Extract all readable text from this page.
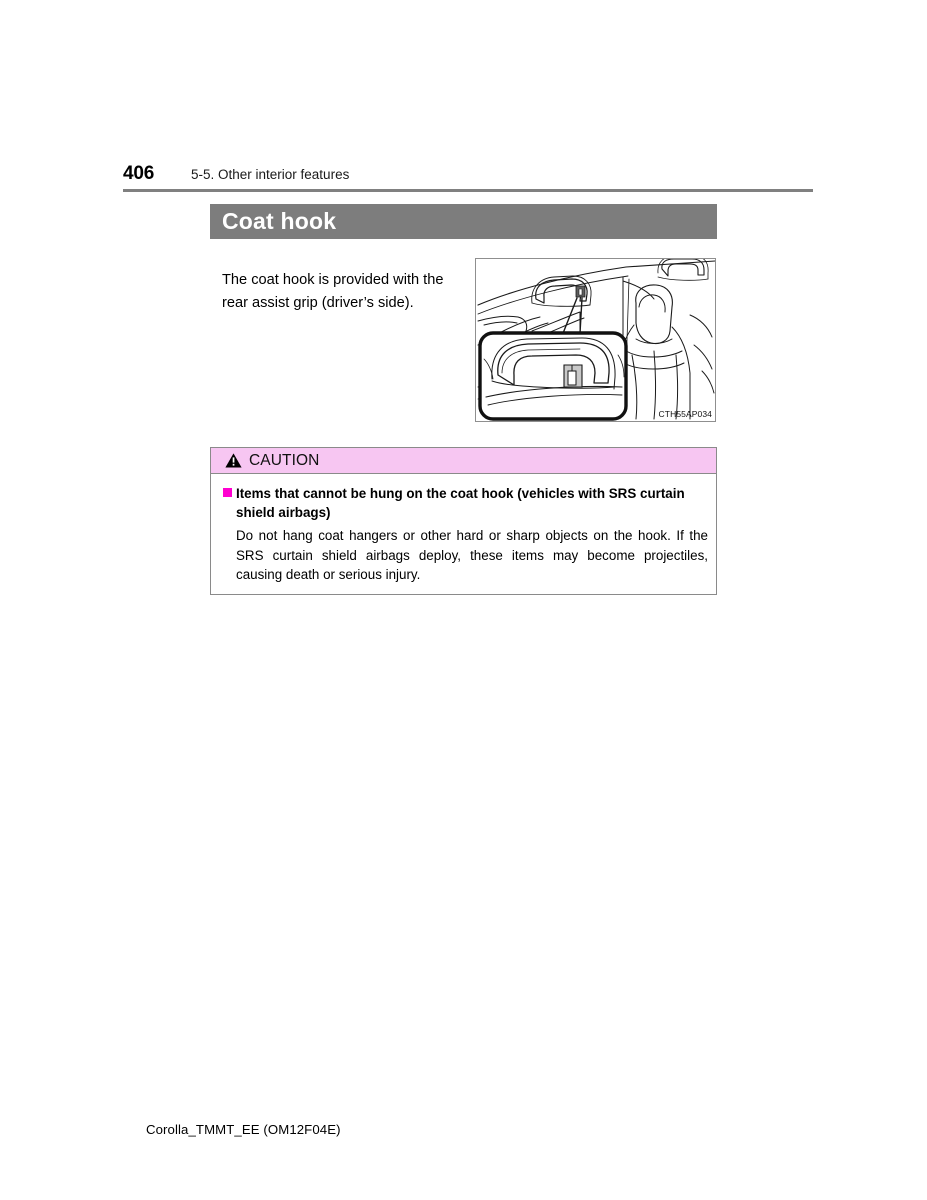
406	5-5. Other interior features
Coat hook

The coat hook is provided with the rear assist grip (driver’s side).

CTH55AP034
CAUTION
Items that cannot be hung on the coat hook (vehicles with SRS curtain shield airbags)

Do not hang coat hangers or other hard or sharp objects on the hook. If the SRS curtain shield airbags deploy, these items may become projectiles, causing death or serious injury.

Corolla_TMMT_EE (OM12F04E)
